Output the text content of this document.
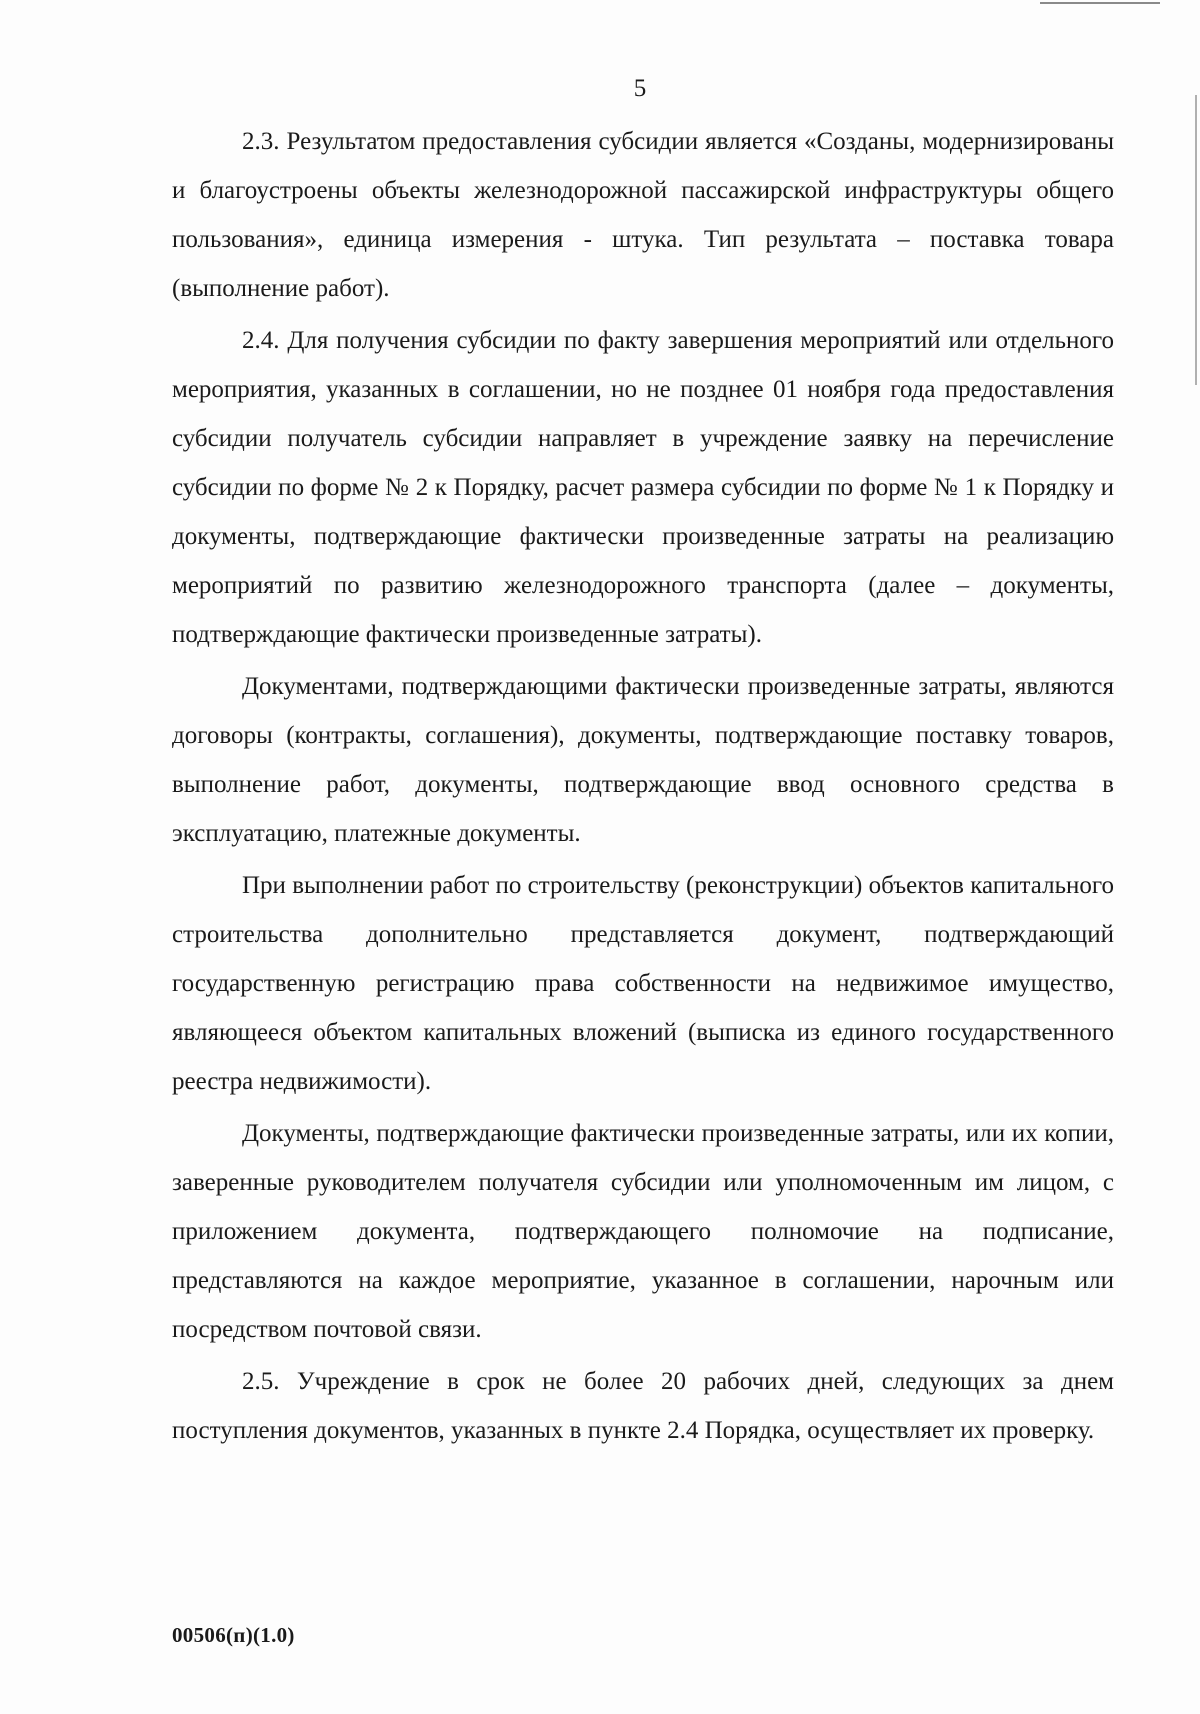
5

2.3. Результатом предоставления субсидии является «Созданы, модернизированы и благоустроены объекты железнодорожной пассажирской инфраструктуры общего пользования», единица измерения - штука. Тип результата – поставка товара (выполнение работ).

2.4. Для получения субсидии по факту завершения мероприятий или отдельного мероприятия, указанных в соглашении, но не позднее 01 ноября года предоставления субсидии получатель субсидии направляет в учреждение заявку на перечисление субсидии по форме № 2 к Порядку, расчет размера субсидии по форме № 1 к Порядку и документы, подтверждающие фактически произведенные затраты на реализацию мероприятий по развитию железнодорожного транспорта (далее – документы, подтверждающие фактически произведенные затраты).

Документами, подтверждающими фактически произведенные затраты, являются договоры (контракты, соглашения), документы, подтверждающие поставку товаров, выполнение работ, документы, подтверждающие ввод основного средства в эксплуатацию, платежные документы.

При выполнении работ по строительству (реконструкции) объектов капитального строительства дополнительно представляется документ, подтверждающий государственную регистрацию права собственности на недвижимое имущество, являющееся объектом капитальных вложений (выписка из единого государственного реестра недвижимости).

Документы, подтверждающие фактически произведенные затраты, или их копии, заверенные руководителем получателя субсидии или уполномоченным им лицом, с приложением документа, подтверждающего полномочие на подписание, представляются на каждое мероприятие, указанное в соглашении, нарочным или посредством почтовой связи.

2.5. Учреждение в срок не более 20 рабочих дней, следующих за днем поступления документов, указанных в пункте 2.4 Порядка, осуществляет их проверку.

00506(п)(1.0)
